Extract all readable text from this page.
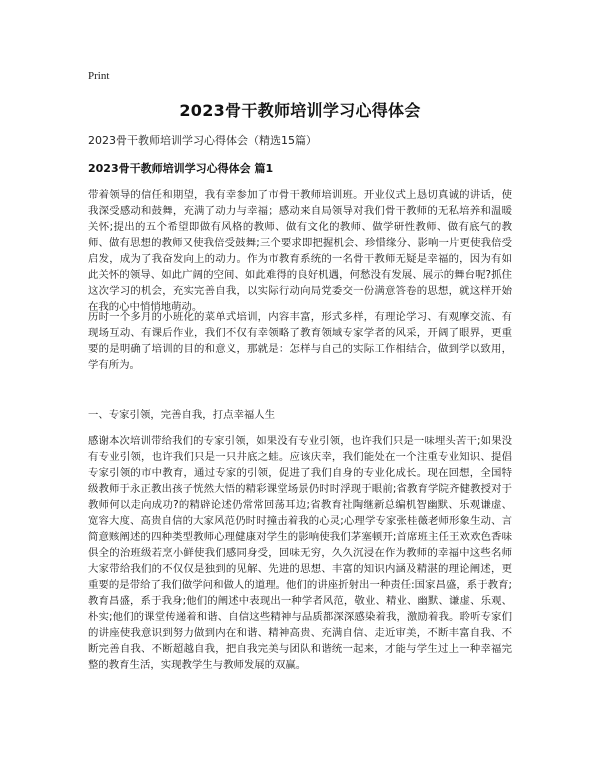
Print
2023骨干教师培训学习心得体会
2023骨干教师培训学习心得体会（精选15篇）
2023骨干教师培训学习心得体会 篇1

带着领导的信任和期望，我有幸参加了市骨干教师培训班。开业仪式上恳切真诚的讲话，使我深受感动和鼓舞，充满了动力与幸福；感动来自局领导对我们骨干教师的无私培养和温暖关怀;提出的五个希望即做有风格的教师、做有文化的教师、做学研性教师、做有底气的教师、做有思想的教师又使我倍受鼓舞;三个要求即把握机会、珍惜缘分、影响一片更使我倍受启发，成为了我奋发向上的动力。作为市教育系统的一名骨干教师无疑是幸福的，因为有如此关怀的领导、如此广阔的空间、如此难得的良好机遇，何愁没有发展、展示的舞台呢?抓住这次学习的机会，充实完善自我，以实际行动向局党委交一份满意答卷的思想，就这样开始在我的心中悄悄地萌动。

历时一个多月的小班化的菜单式培训，内容丰富，形式多样，有理论学习、有观摩交流、有现场互动、有课后作业，我们不仅有幸领略了教育领域专家学者的风采，开阔了眼界，更重要的是明确了培训的目的和意义，那就是：怎样与自己的实际工作相结合，做到学以致用，学有所为。

一、专家引领，完善自我，打点幸福人生

感谢本次培训带给我们的专家引领，如果没有专业引领，也许我们只是一味埋头苦干;如果没有专业引领，也许我们只是一只井底之蛙。应该庆幸，我们能处在一个注重专业知识、提倡专家引领的市中教育，通过专家的引领，促进了我们自身的专业化成长。现在回想，全国特级教师于永正教出孩子恍然大悟的精彩课堂场景仍时时浮现于眼前;省教育学院齐健教授对于教师何以走向成功?的精辟论述仍常常回荡耳边;省教育社陶继新总编机智幽默、乐观谦虚、宽容大度、高贵自信的大家风范仍时时撞击着我的心灵;心理学专家张桂薇老师形象生动、言简意赅阐述的四种类型教师心理健康对学生的影响使我们茅塞顿开;首席班主任王欢欢色香味俱全的治班级若烹小鲜使我们感同身受，回味无穷，久久沉浸在作为教师的幸福中这些名师大家带给我们的不仅仅是独到的见解、先进的思想、丰富的知识内涵及精湛的理论阐述，更重要的是带给了我们做学问和做人的道理。他们的讲座折射出一种责任:国家昌盛，系于教育;教育昌盛，系于我身;他们的阐述中表现出一种学者风范，敬业、精业、幽默、谦虚、乐观、朴实;他们的课堂传递着和谐、自信这些精神与品质都深深感染着我，激励着我。聆听专家们的讲座使我意识到努力做到内在和谐、精神高贵、充满自信、走近审美，不断丰富自我、不断完善自我、不断超越自我，把自我完美与团队和谐统一起来，才能与学生过上一种幸福完整的教育生活，实现教学生与教师发展的双赢。
